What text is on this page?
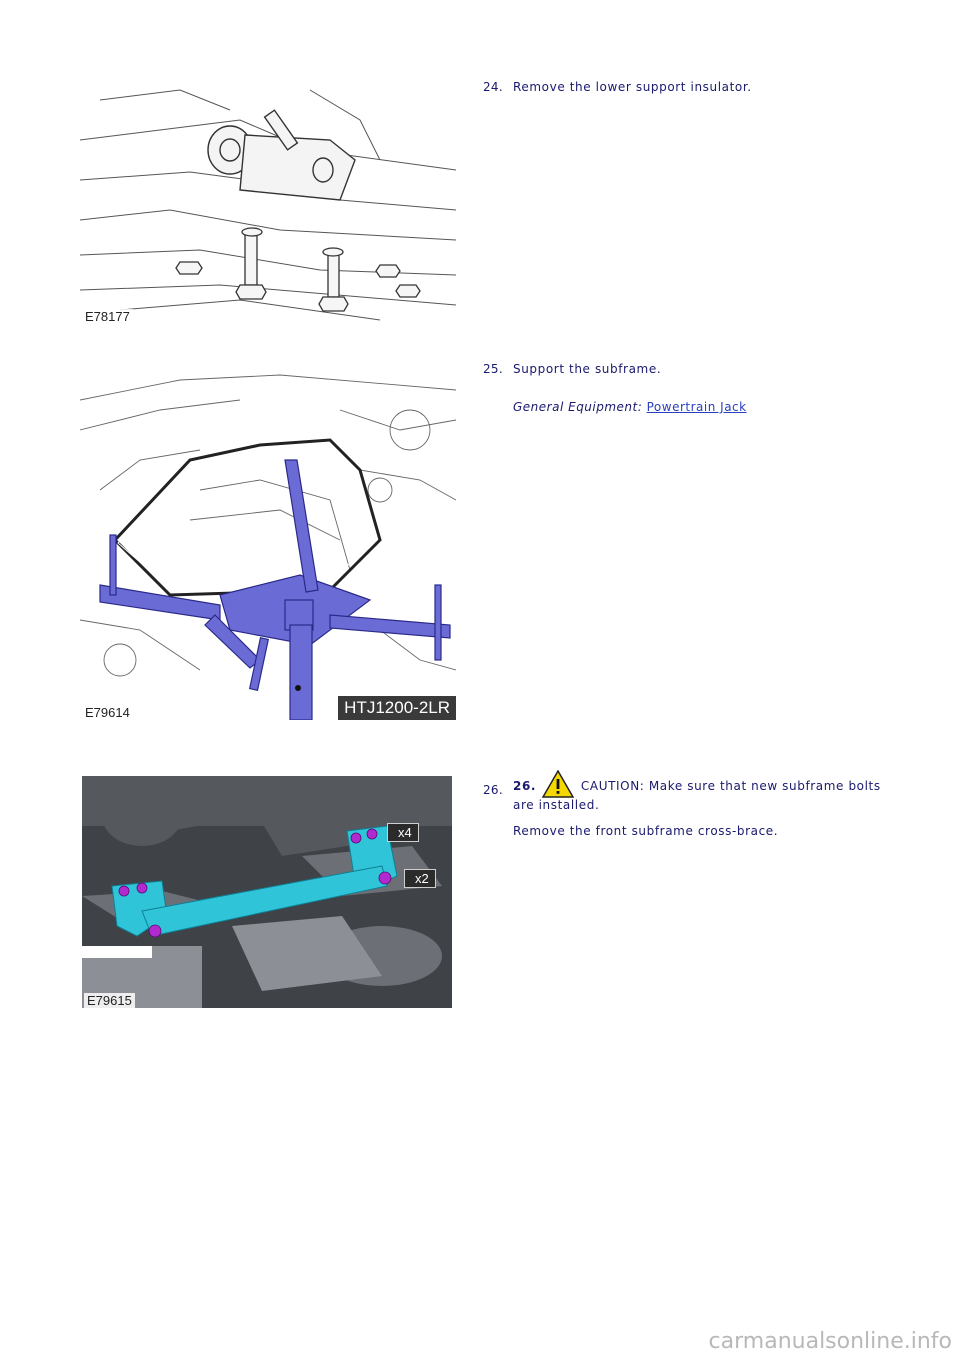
E78177
24. Remove the lower support insulator.
E79614	HTJ1200-2LR
25. Support the subframe.
General Equipment: Powertrain Jack
E79615
x4
x2
26. 26.	CAUTION: Make sure that new subframe bolts are installed.
Remove the front subframe cross-brace.
carmanualsonline.info
